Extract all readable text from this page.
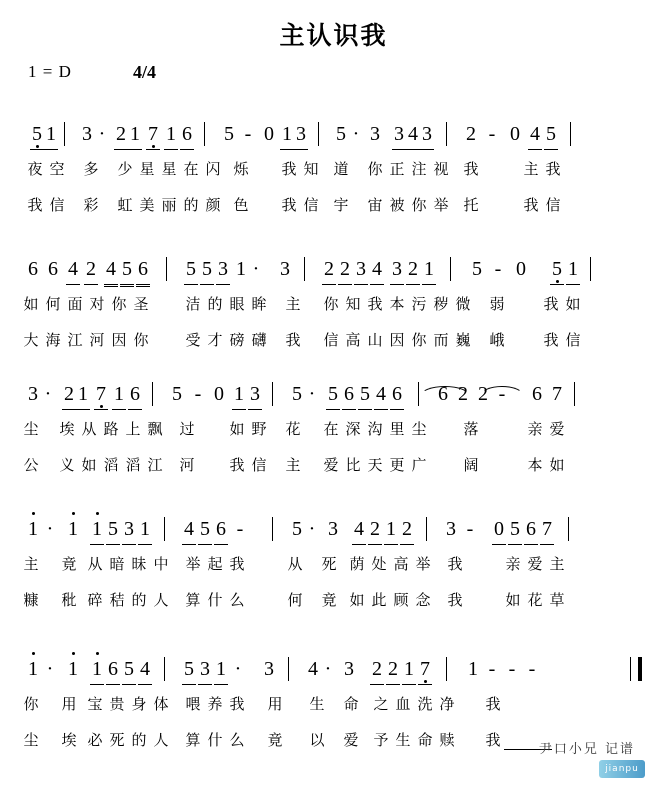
主认识我
1 = D	4/4
5 1 3 · 2 1 7 1 6 5 - 0 1 3 5 · 3 3 4 3 2 - 0 4 5
夜 空 多 少 星 星 在 闪 烁 我 知 道 你 正 注 视 我	主 我
我 信 彩 虹 美 丽 的 颜 色 我 信 宇 宙 被 你 举 托	我 信
6 6 4 2 4 5 6 5 5 3 1 · 3 2 2 3 4 3 2 1 5 - 0 5 1
如 何 面 对 你 圣 洁 的 眼 眸 主 你 知 我 本 污 秽 微 弱	我 如
大 海 江 河 因 你 受 才 磅 礴 我 信 高 山 因 你 而 巍 峨	我 信
3 · 2 1 7 1 6 5 - 0 1 3 5 · 5 6 5 4 6 6 2 2 - 6 7
尘 埃 从 路 上 飘 过 如 野 花 在 深 沟 里 尘 落	亲 爱
公 义 如 滔 滔 江 河 我 信 主 爱 比 天 更 广 阔	本 如
1 · 1 1 5 3 1 4 5 6 - 5 · 3 4 2 1 2 3 - 0 5 6 7
主 竟 从 暗 昧 中 举 起 我	从 死 荫 处 高 举 我	亲 爱 主
糠 秕 碎 秸 的 人 算 什 么	何 竟 如 此 顾 念 我	如 花 草
1 · 1 1 6 5 4 5 3 1 · 3 4 · 3 2 2 1 7 1 - - -
你 用 宝 贵 身 体 喂 养 我 用 生 命 之 血 洗 净 我
尘 埃 必 死 的 人 算 什 么 竟 以 爱 予 生 命 赎 我
尹口小兄 记谱
jianpu
